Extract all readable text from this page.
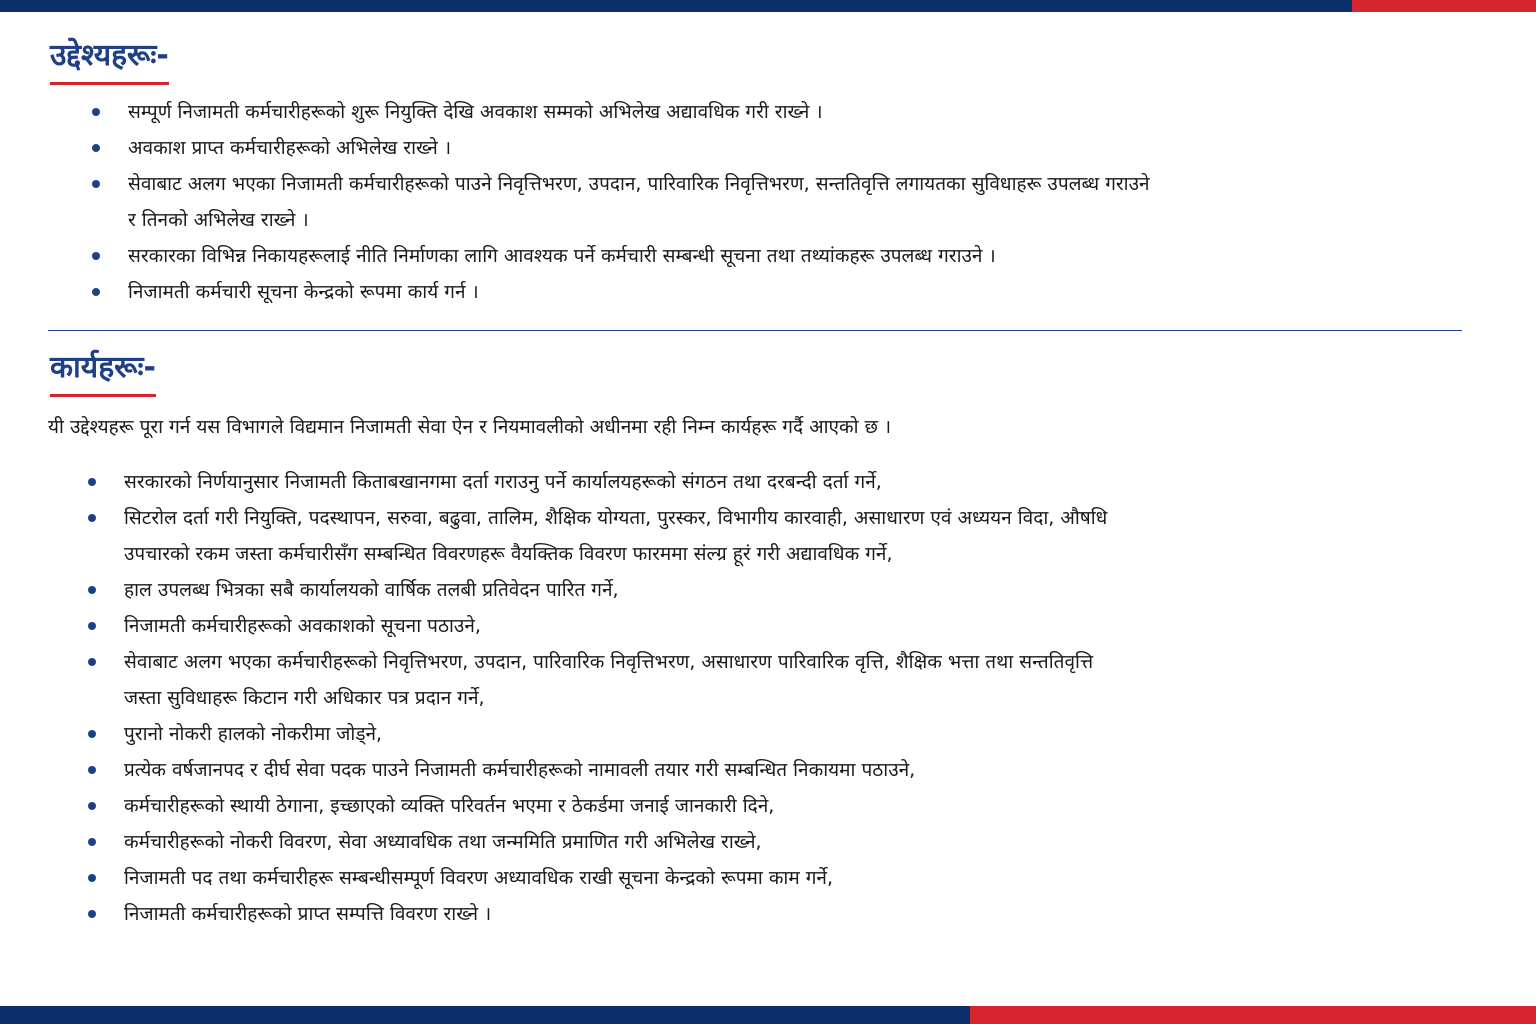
उद्देश्यहरूः-
सम्पूर्ण निजामती कर्मचारीहरूको शुरू नियुक्ति देखि अवकाश सम्मको अभिलेख अद्यावधिक गरी राख्ने ।
अवकाश प्राप्त कर्मचारीहरूको अभिलेख राख्ने ।
सेवाबाट अलग भएका निजामती कर्मचारीहरूको पाउने निवृत्तिभरण, उपदान, पारिवारिक निवृत्तिभरण, सन्ततिवृत्ति लगायतका सुविधाहरू उपलब्ध गराउने
र तिनको अभिलेख राख्ने ।
सरकारका विभिन्न निकायहरूलाई नीति निर्माणका लागि आवश्यक पर्ने कर्मचारी सम्बन्धी सूचना तथा तथ्यांकहरू उपलब्ध गराउने ।
निजामती कर्मचारी सूचना केन्द्रको रूपमा कार्य गर्न ।
कार्यहरूः-

यी उद्देश्यहरू पूरा गर्न यस विभागले विद्यमान निजामती सेवा ऐन र नियमावलीको अधीनमा रही निम्न कार्यहरू गर्दै आएको छ ।

सरकारको निर्णयानुसार निजामती किताबखानगमा दर्ता गराउनु पर्ने कार्यालयहरूको संगठन तथा दरबन्दी दर्ता गर्ने,
सिटरोल दर्ता गरी नियुक्ति, पदस्थापन, सरुवा, बढुवा, तालिम, शैक्षिक योग्यता, पुरस्कर, विभागीय कारवाही, असाधारण एवं अध्ययन विदा, औषधि
उपचारको रकम जस्ता कर्मचारीसँग सम्बन्धित विवरणहरू वैयक्तिक विवरण फारममा संल्ग्र हूरं गरी अद्यावधिक गर्ने,
हाल उपलब्ध भित्रका सबै कार्यालयको वार्षिक तलबी प्रतिवेदन पारित गर्ने,
निजामती कर्मचारीहरूको अवकाशको सूचना पठाउने,
सेवाबाट अलग भएका कर्मचारीहरूको निवृत्तिभरण, उपदान, पारिवारिक निवृत्तिभरण, असाधारण पारिवारिक वृत्ति, शैक्षिक भत्ता तथा सन्ततिवृत्ति
जस्ता सुविधाहरू किटान गरी अधिकार पत्र प्रदान गर्ने,
पुरानो नोकरी हालको नोकरीमा जोड्ने,
प्रत्येक वर्षजानपद र दीर्घ सेवा पदक पाउने निजामती कर्मचारीहरूको नामावली तयार गरी सम्बन्धित निकायमा पठाउने,
कर्मचारीहरूको स्थायी ठेगाना, इच्छाएको व्यक्ति परिवर्तन भएमा र ठेकर्डमा जनाई जानकारी दिने,
कर्मचारीहरूको नोकरी विवरण, सेवा अध्यावधिक तथा जन्ममिति प्रमाणित गरी अभिलेख राख्ने,
निजामती पद तथा कर्मचारीहरू सम्बन्धीसम्पूर्ण विवरण अध्यावधिक राखी सूचना केन्द्रको रूपमा काम गर्ने,
निजामती कर्मचारीहरूको प्राप्त सम्पत्ति विवरण राख्ने ।
